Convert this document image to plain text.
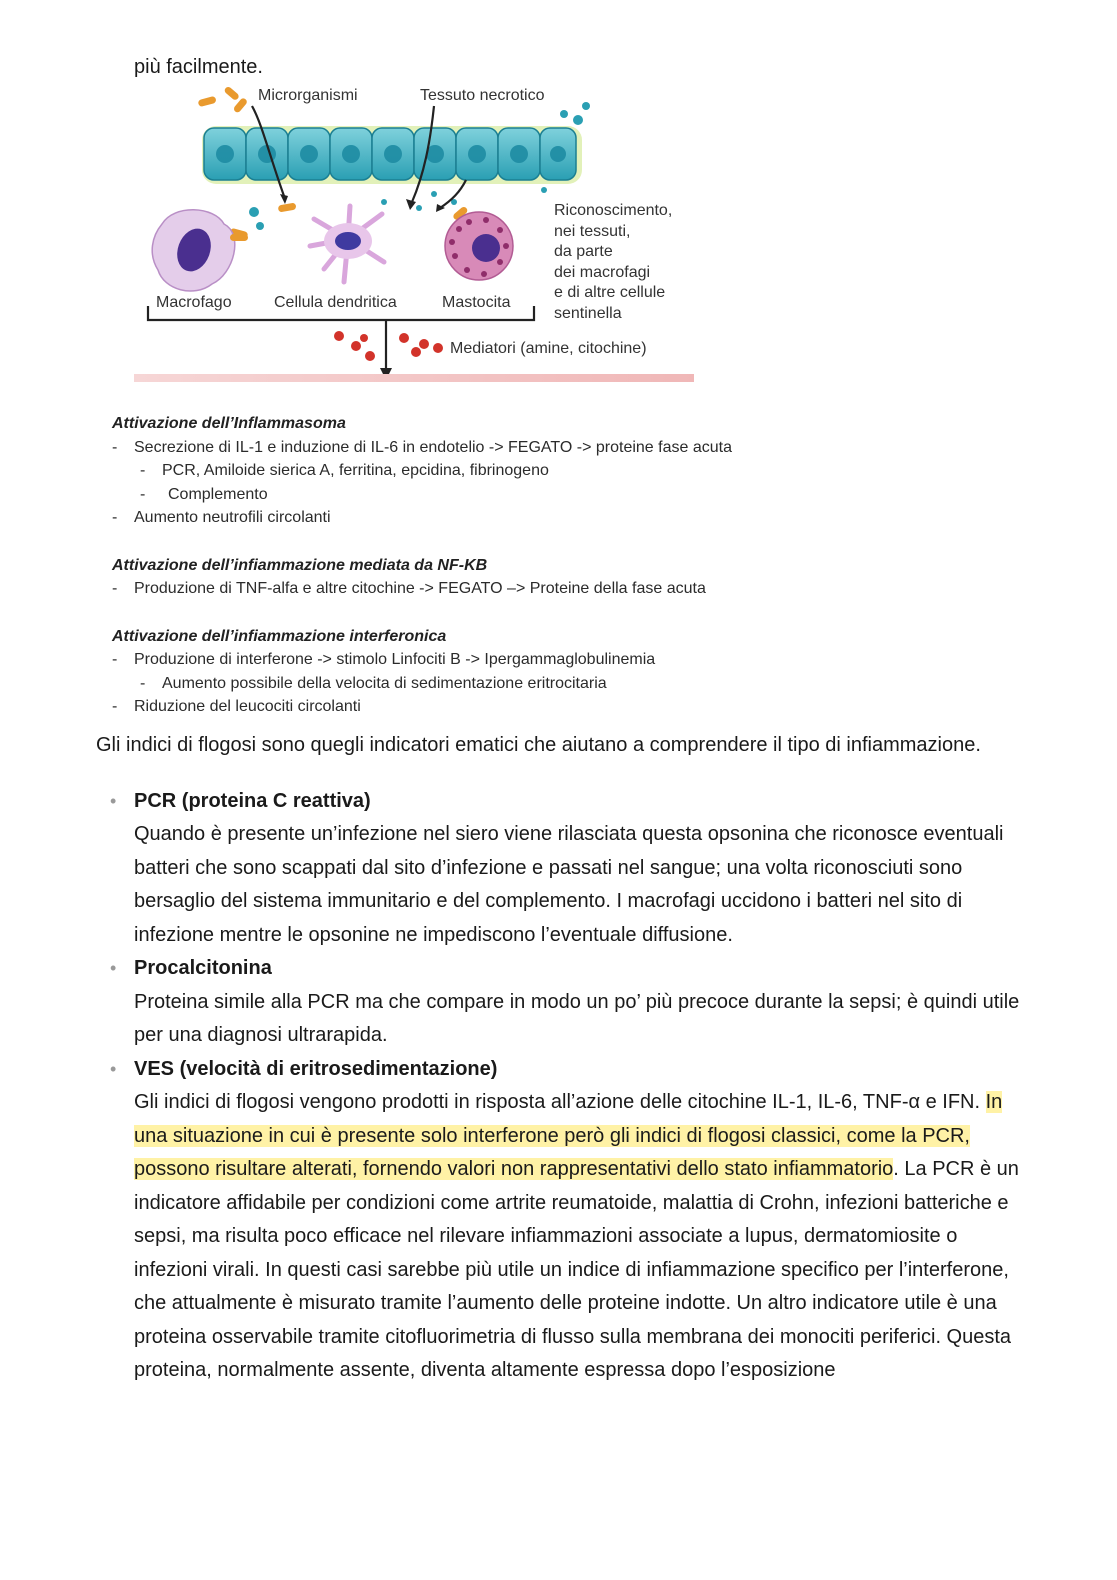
più facilmente.
Microrganismi	Tessuto necrotico
Macrofago	Cellula dendritica	Mastocita
Riconoscimento,
nei tessuti,
da parte
dei macrofagi
e di altre cellule
sentinella
Mediatori (amine, citochine)
Attivazione dell’Inflammasoma
- Secrezione di IL-1 e induzione di IL-6 in endotelio -> FEGATO -> proteine fase acuta
- PCR, Amiloide sierica A, ferritina, epcidina, fibrinogeno
- Complemento
- Aumento neutrofili circolanti
Attivazione dell’infiammazione mediata da NF-KB
- Produzione di TNF-alfa e altre citochine -> FEGATO –> Proteine della fase acuta
Attivazione dell’infiammazione interferonica
- Produzione di interferone -> stimolo Linfociti B -> Ipergammaglobulinemia
- Aumento possibile della velocita di sedimentazione eritrocitaria
- Riduzione del leucociti circolanti

Gli indici di flogosi sono quegli indicatori ematici che aiutano a comprendere il tipo di infiammazione.

• PCR (proteina C reattiva)
Quando è presente un’infezione nel siero viene rilasciata questa opsonina che riconosce eventuali batteri che sono scappati dal sito d’infezione e passati nel sangue; una volta riconosciuti sono bersaglio del sistema immunitario e del complemento. I macrofagi uccidono i batteri nel sito di infezione mentre le opsonine ne impediscono l’eventuale diffusione.
• Procalcitonina
Proteina simile alla PCR ma che compare in modo un po’ più precoce durante la sepsi; è quindi utile per una diagnosi ultrarapida.
• VES (velocità di eritrosedimentazione)
Gli indici di flogosi vengono prodotti in risposta all’azione delle citochine IL-1, IL-6, TNF-α e IFN. In una situazione in cui è presente solo interferone però gli indici di flogosi classici, come la PCR, possono risultare alterati, fornendo valori non rappresentativi dello stato infiammatorio. La PCR è un indicatore affidabile per condizioni come artrite reumatoide, malattia di Crohn, infezioni batteriche e sepsi, ma risulta poco efficace nel rilevare infiammazioni associate a lupus, dermatomiosite o infezioni virali. In questi casi sarebbe più utile un indice di infiammazione specifico per l’interferone, che attualmente è misurato tramite l’aumento delle proteine indotte. Un altro indicatore utile è una proteina osservabile tramite citofluorimetria di flusso sulla membrana dei monociti periferici. Questa proteina, normalmente assente, diventa altamente espressa dopo l’esposizione
